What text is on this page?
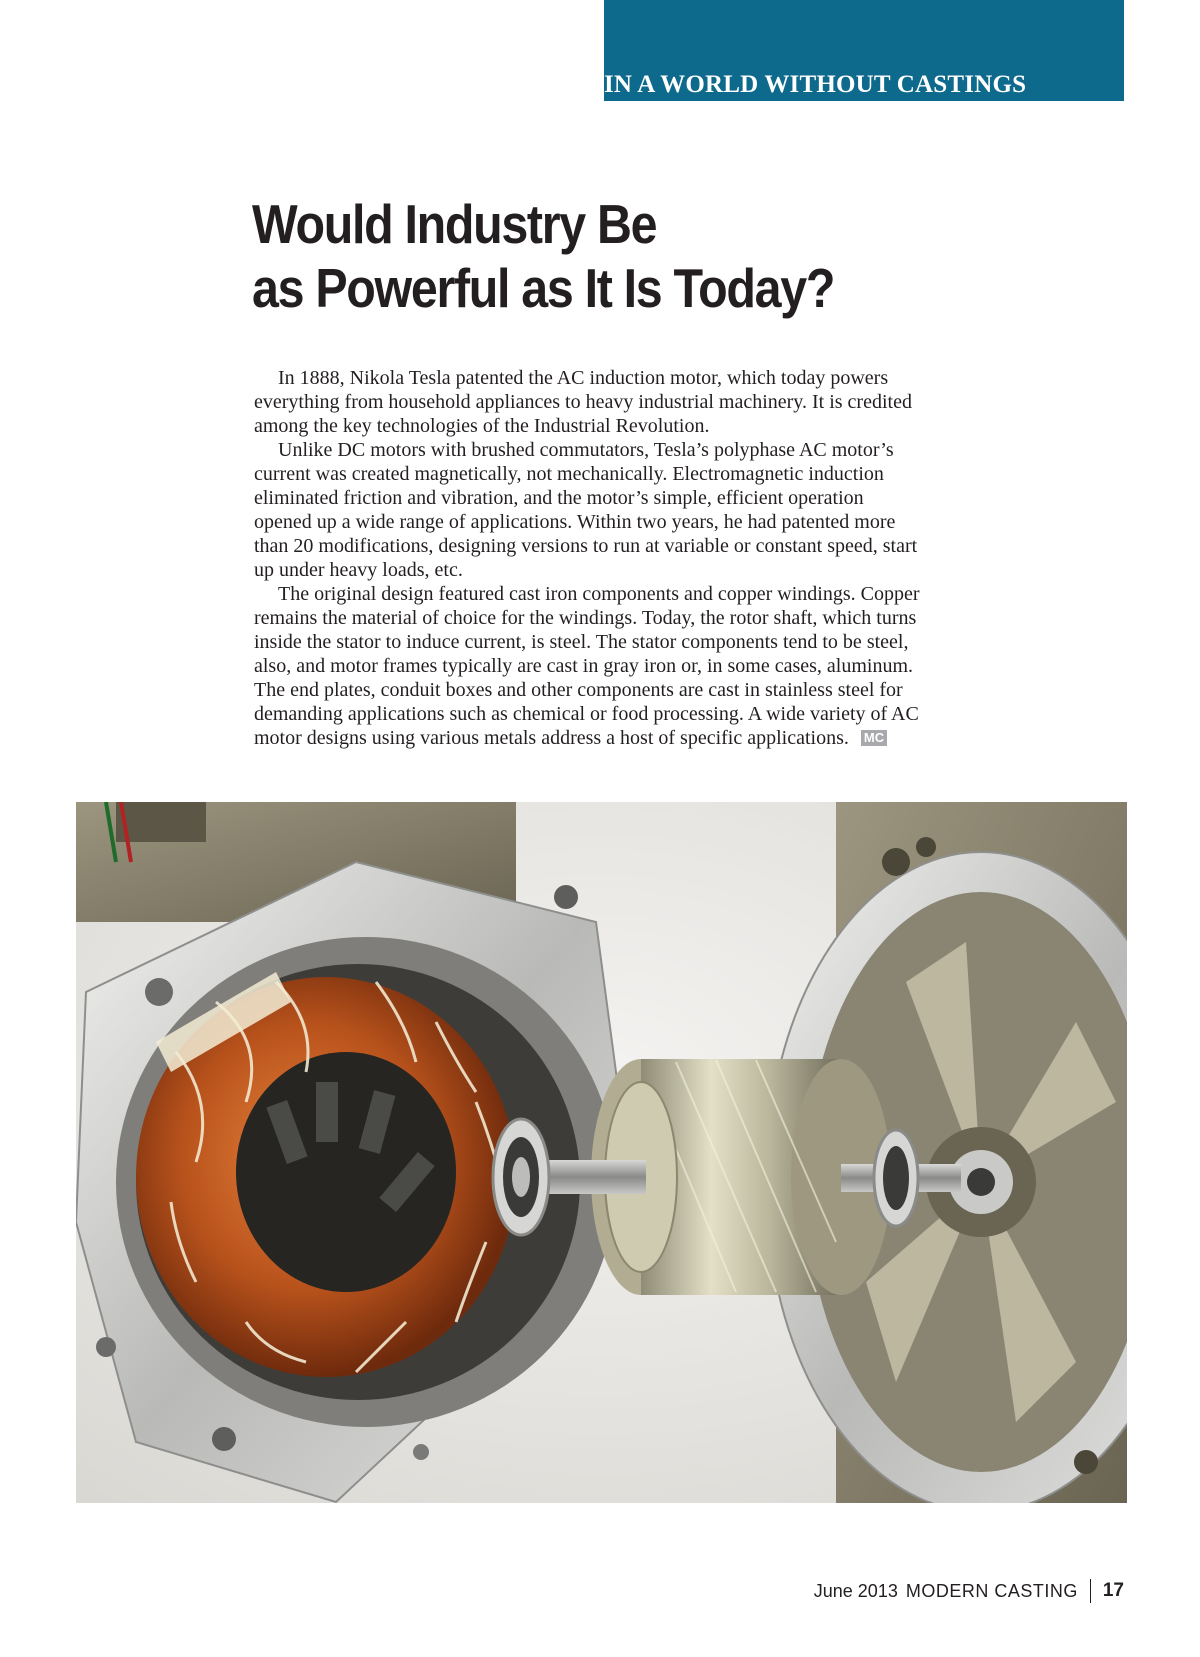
IN A WORLD WITHOUT CASTINGS
Would Industry Be
as Powerful as It Is Today?

In 1888, Nikola Tesla patented the AC induction motor, which today powers everything from household appliances to heavy industrial machinery. It is credited among the key technologies of the Industrial Revolution.

Unlike DC motors with brushed commutators, Tesla’s polyphase AC motor’s current was created magnetically, not mechanically. Electromagnetic induction eliminated friction and vibration, and the motor’s simple, efficient operation opened up a wide range of applications. Within two years, he had patented more than 20 modifications, designing versions to run at variable or constant speed, start up under heavy loads, etc.

The original design featured cast iron components and copper windings. Copper remains the material of choice for the windings. Today, the rotor shaft, which turns inside the stator to induce current, is steel. The stator components tend to be steel, also, and motor frames typically are cast in gray iron or, in some cases, aluminum. The end plates, conduit boxes and other components are cast in stainless steel for demanding applications such as chemical or food processing. A wide variety of AC motor designs using various metals address a host of specific applications. MC

June 2013 MODERN CASTING 17
